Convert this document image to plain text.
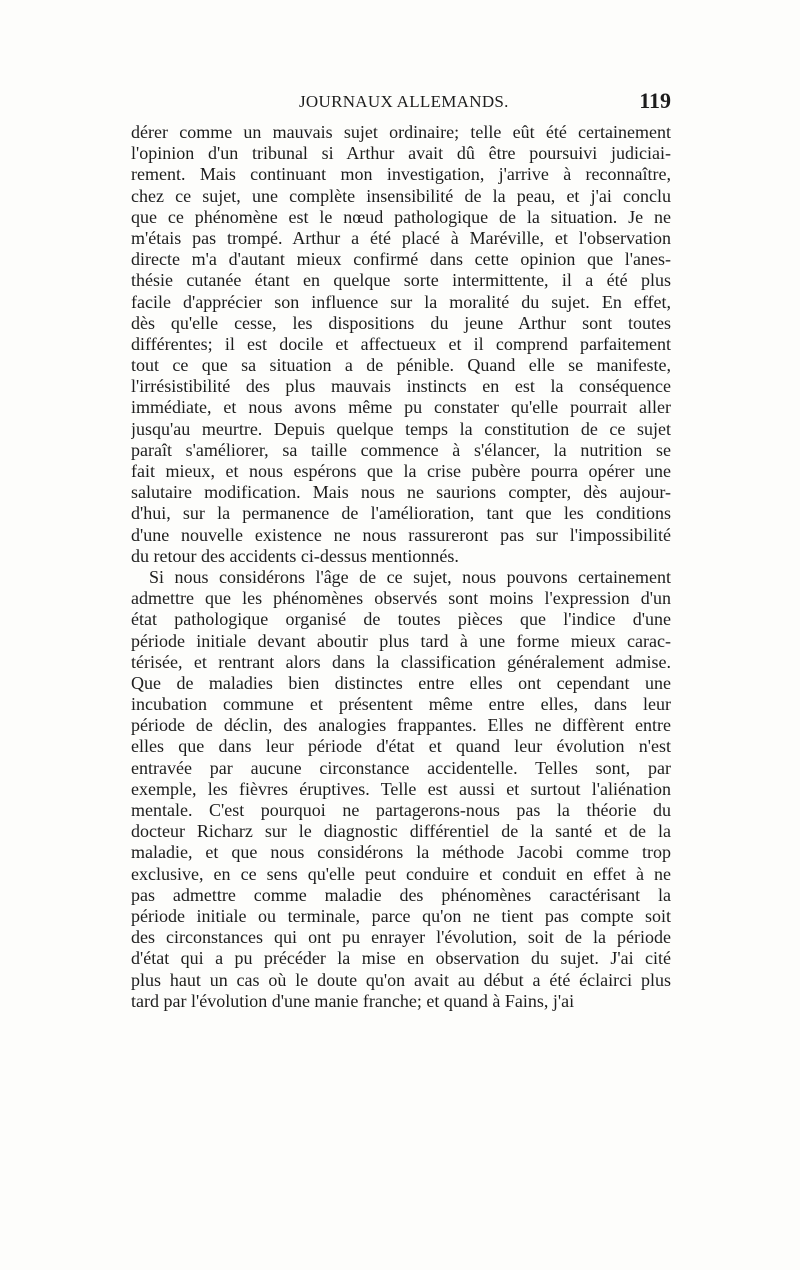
JOURNAUX ALLEMANDS.	119
dérer comme un mauvais sujet ordinaire; telle eût été certainement
l'opinion d'un tribunal si Arthur avait dû être poursuivi judiciai-
rement. Mais continuant mon investigation, j'arrive à reconnaître,
chez ce sujet, une complète insensibilité de la peau, et j'ai conclu
que ce phénomène est le nœud pathologique de la situation. Je ne
m'étais pas trompé. Arthur a été placé à Maréville, et l'observation
directe m'a d'autant mieux confirmé dans cette opinion que l'anes-
thésie cutanée étant en quelque sorte intermittente, il a été plus
facile d'apprécier son influence sur la moralité du sujet. En effet,
dès qu'elle cesse, les dispositions du jeune Arthur sont toutes
différentes; il est docile et affectueux et il comprend parfaitement
tout ce que sa situation a de pénible. Quand elle se manifeste,
l'irrésistibilité des plus mauvais instincts en est la conséquence
immédiate, et nous avons même pu constater qu'elle pourrait aller
jusqu'au meurtre. Depuis quelque temps la constitution de ce sujet
paraît s'améliorer, sa taille commence à s'élancer, la nutrition se
fait mieux, et nous espérons que la crise pubère pourra opérer une
salutaire modification. Mais nous ne saurions compter, dès aujour-
d'hui, sur la permanence de l'amélioration, tant que les conditions
d'une nouvelle existence ne nous rassureront pas sur l'impossibilité
du retour des accidents ci-dessus mentionnés.
Si nous considérons l'âge de ce sujet, nous pouvons certainement
admettre que les phénomènes observés sont moins l'expression d'un
état pathologique organisé de toutes pièces que l'indice d'une
période initiale devant aboutir plus tard à une forme mieux carac-
térisée, et rentrant alors dans la classification généralement admise.
Que de maladies bien distinctes entre elles ont cependant une
incubation commune et présentent même entre elles, dans leur
période de déclin, des analogies frappantes. Elles ne diffèrent entre
elles que dans leur période d'état et quand leur évolution n'est
entravée par aucune circonstance accidentelle. Telles sont, par
exemple, les fièvres éruptives. Telle est aussi et surtout l'aliénation
mentale. C'est pourquoi ne partagerons-nous pas la théorie du
docteur Richarz sur le diagnostic différentiel de la santé et de la
maladie, et que nous considérons la méthode Jacobi comme trop
exclusive, en ce sens qu'elle peut conduire et conduit en effet à ne
pas admettre comme maladie des phénomènes caractérisant la
période initiale ou terminale, parce qu'on ne tient pas compte soit
des circonstances qui ont pu enrayer l'évolution, soit de la période
d'état qui a pu précéder la mise en observation du sujet. J'ai cité
plus haut un cas où le doute qu'on avait au début a été éclairci plus
tard par l'évolution d'une manie franche; et quand à Fains, j'ai
